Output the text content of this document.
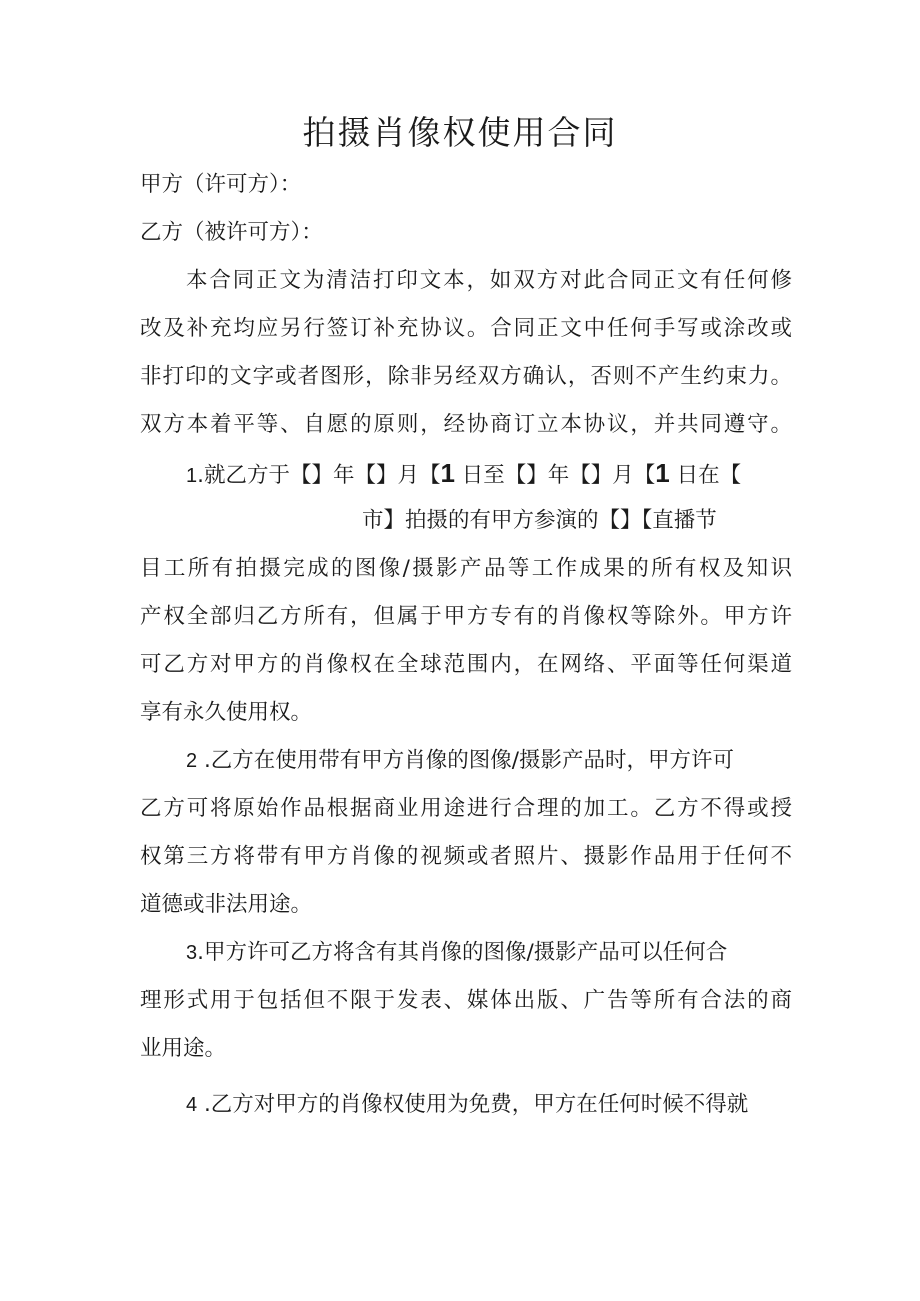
拍摄肖像权使用合同
甲方（许可方）：
乙方（被许可方）：
本合同正文为清洁打印文本，如双方对此合同正文有任何修
改及补充均应另行签订补充协议。合同正文中任何手写或涂改或
非打印的文字或者图形，除非另经双方确认，否则不产生约束力。
双方本着平等、自愿的原则，经协商订立本协议，并共同遵守。
1.就乙方于【】年【】月【1 日至【】年【】月【1 日在【
市】拍摄的有甲方参演的【】【直播节
目工所有拍摄完成的图像/摄影产品等工作成果的所有权及知识
产权全部归乙方所有，但属于甲方专有的肖像权等除外。甲方许
可乙方对甲方的肖像权在全球范围内，在网络、平面等任何渠道
享有永久使用权。
2 .乙方在使用带有甲方肖像的图像/摄影产品时，甲方许可
乙方可将原始作品根据商业用途进行合理的加工。乙方不得或授
权第三方将带有甲方肖像的视频或者照片、摄影作品用于任何不
道德或非法用途。
3.甲方许可乙方将含有其肖像的图像/摄影产品可以任何合
理形式用于包括但不限于发表、媒体出版、广告等所有合法的商
业用途。
4 .乙方对甲方的肖像权使用为免费，甲方在任何时候不得就
